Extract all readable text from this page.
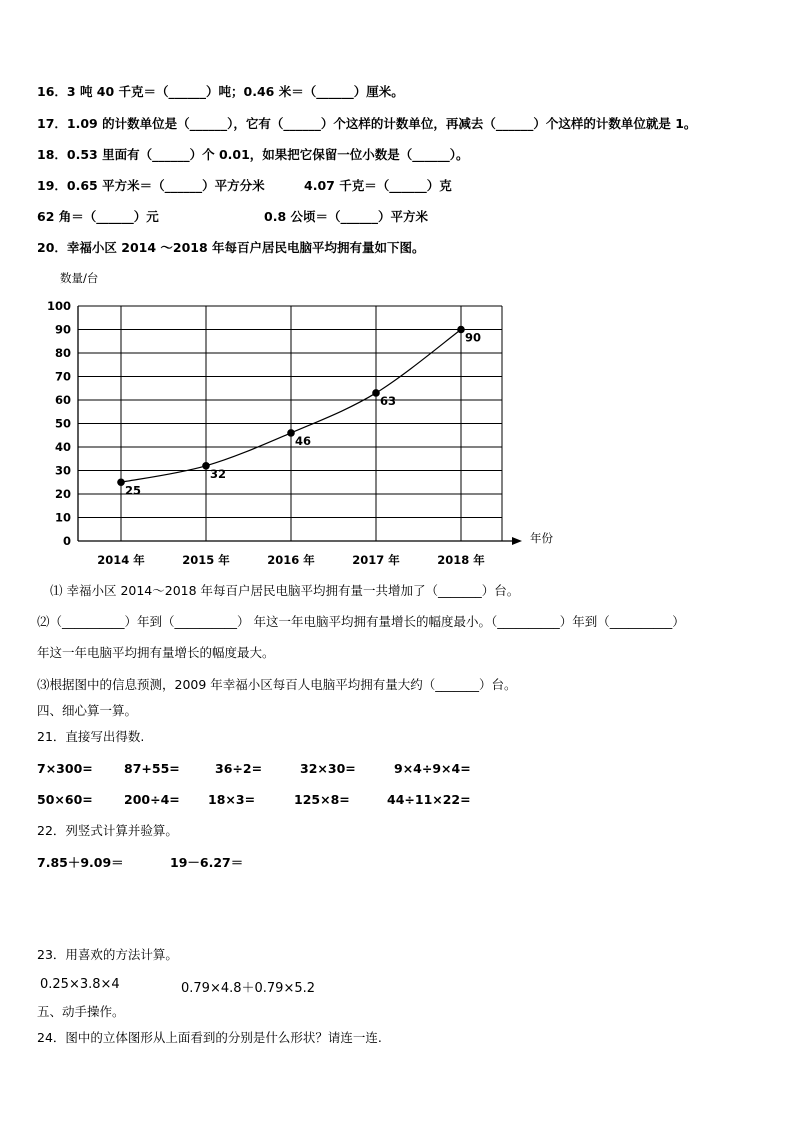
16．3 吨 40 千克＝（______）吨；0.46 米＝（______）厘米。
17．1.09 的计数单位是（______），它有（______）个这样的计数单位，再减去（______）个这样的计数单位就是 1。
18．0.53 里面有（______）个 0.01，如果把它保留一位小数是（______）。
19．0.65 平方米＝（______）平方分米	4.07 千克＝（______）克
62 角＝（______）元	0.8 公顷＝（______）平方米
20．幸福小区 2014 ～2018 年每百户居民电脑平均拥有量如下图。
0
10
20
30
40
50
60
70
80
90
100
2014 年	2015 年	2016 年	2017 年	2018 年
25
32
46
63
90
数量/台
年份
⑴ 幸福小区 2014～2018 年每百户居民电脑平均拥有量一共增加了（_______）台。
⑵（__________）年到（__________） 年这一年电脑平均拥有量增长的幅度最小。（__________）年到（__________）
年这一年电脑平均拥有量增长的幅度最大。
⑶根据图中的信息预测，2009 年幸福小区每百人电脑平均拥有量大约（_______）台。
四、细心算一算。
21．直接写出得数.
7×300=	87+55=	36÷2=	32×30=	9×4÷9×4=
50×60=	200÷4= 18×3=	125×8=	44÷11×22=
22．列竖式计算并验算。
7.85＋9.09＝	19－6.27＝
23．用喜欢的方法计算。
0.25×3.8×4	0.79×4.8＋0.79×5.2
五、动手操作。
24．图中的立体图形从上面看到的分别是什么形状？请连一连.
